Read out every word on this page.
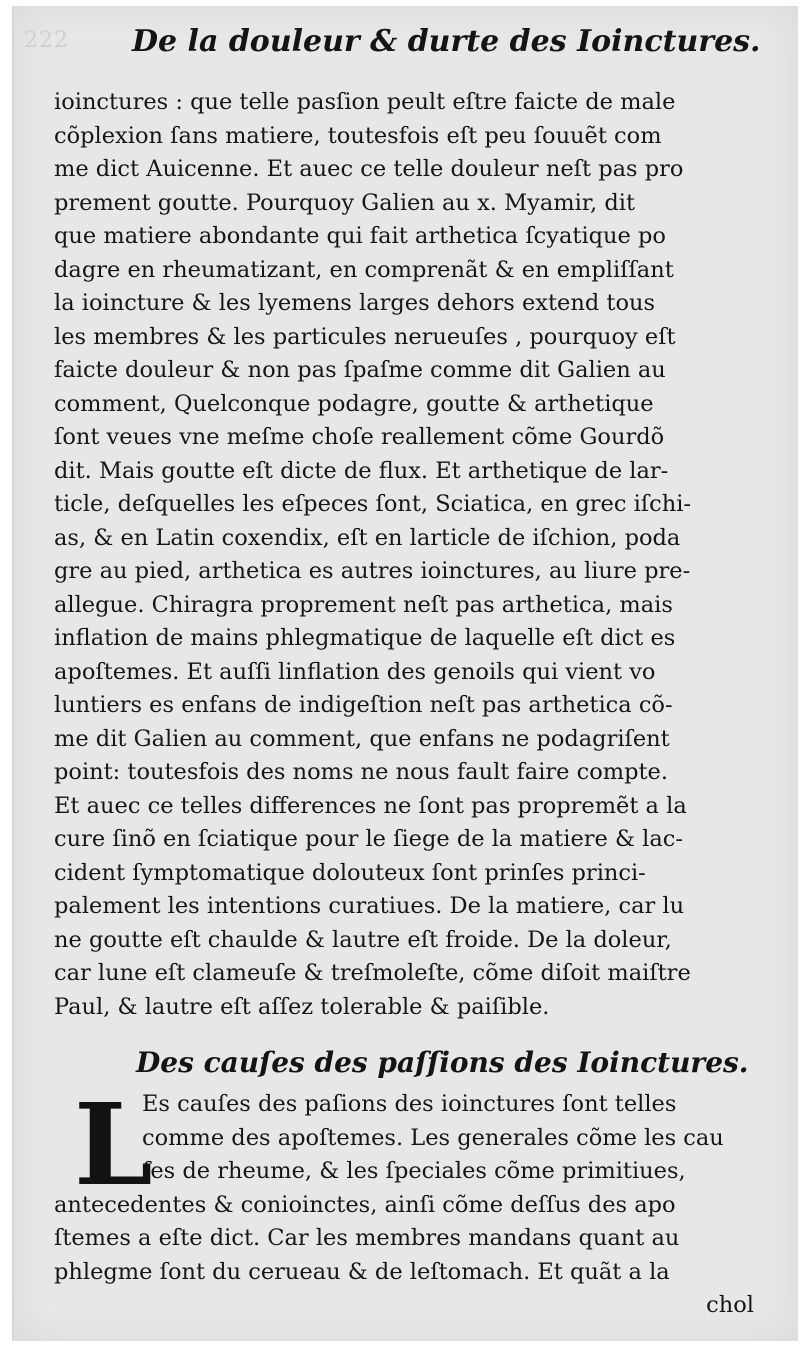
222 De la douleur & durte des Ioinctures.
ioinctures : que telle pasſion peult eſtre faicte de male
cõplexion ſans matiere, toutesfois eſt peu ſouuẽt com
me dict Auicenne. Et auec ce telle douleur neſt pas pro
prement goutte. Pourquoy Galien au x. Myamir, dit
que matiere abondante qui fait arthetica ſcyatique po
dagre en rheumatizant, en comprenãt & en empliſſant
la ioincture & les lyemens larges dehors extend tous
les membres & les particules nerueuſes , pourquoy eſt
faicte douleur & non pas ſpaſme comme dit Galien au
comment, Quelconque podagre, goutte & arthetique
ſont veues vne meſme choſe reallement cõme Gourdõ
dit. Mais goutte eſt dicte de flux. Et arthetique de lar-
ticle, deſquelles les eſpeces ſont, Sciatica, en grec iſchi-
as, & en Latin coxendix, eſt en larticle de iſchion, poda
gre au pied, arthetica es autres ioinctures, au liure pre-
allegue. Chiragra proprement neſt pas arthetica, mais
inflation de mains phlegmatique de laquelle eſt dict es
apoſtemes. Et auſſi linflation des genoils qui vient vo
luntiers es enfans de indigeſtion neſt pas arthetica cõ-
me dit Galien au comment, que enfans ne podagriſent
point: toutesfois des noms ne nous fault faire compte.
Et auec ce telles differences ne ſont pas propremẽt a la
cure ſinõ en ſciatique pour le ſiege de la matiere & lac-
cident ſymptomatique dolouteux ſont prinſes princi-
palement les intentions curatiues. De la matiere, car lu
ne goutte eſt chaulde & lautre eſt froide. De la doleur,
car lune eſt clameuſe & treſmoleſte, cõme diſoit maiſtre
Paul, & lautre eſt aſſez tolerable & paiſible.
Des cauſes des paſſions des Ioinctures.
L
Es cauſes des paſions des ioinctures ſont telles
comme des apoſtemes. Les generales cõme les cau
ſes de rheume, & les ſpeciales cõme primitiues,
antecedentes & conioinctes, ainſi cõme deſſus des apo
ſtemes a eſte dict. Car les membres mandans quant au
phlegme ſont du cerueau & de leſtomach. Et quãt a la
chol
